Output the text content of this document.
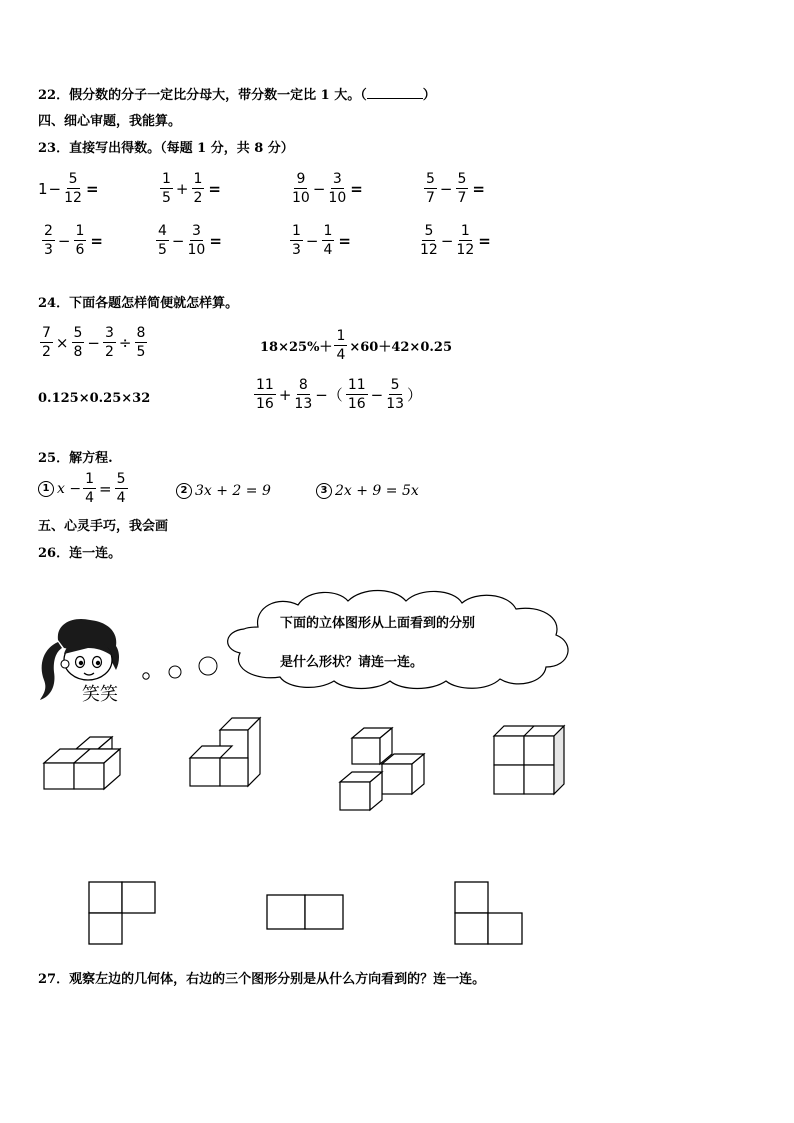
22．假分数的分子一定比分母大，带分数一定比 1 大。（	）
四、细心审题，我能算。
23．直接写出得数。（每题 1 分，共 8 分）
$1 - \frac{5}{12}$ =	$\frac{1}{5} + \frac{1}{2}$ =	$\frac{9}{10} - \frac{3}{10}$ =	$\frac{5}{7} - \frac{5}{7}$ =
$\frac{2}{3} - \frac{1}{6}$ =	$\frac{4}{5} - \frac{3}{10}$ =	$\frac{1}{3} - \frac{1}{4}$ =	$\frac{5}{12} - \frac{1}{12}$ =
24．下面各题怎样简便就怎样算。
$\frac{7}{2} \times \frac{5}{8} - \frac{3}{2} \div \frac{8}{5}$	$18\times 25\%+ \frac{1}{4} \times 60+42\times 0.25$
0.125×0.25×32	$\frac{11}{16} + \frac{8}{13}$ −（ $\frac{11}{16} - \frac{5}{13}$ ）
25．解方程.
1 $x - \frac{1}{4} = \frac{5}{4}$	2 3x + 2 = 9	3 2x + 9 = 5x
五、心灵手巧，我会画
26．连一连。
笑笑
下面的立体图形从上面看到的分别
是什么形状？请连一连。
27．观察左边的几何体，右边的三个图形分别是从什么方向看到的？连一连。
